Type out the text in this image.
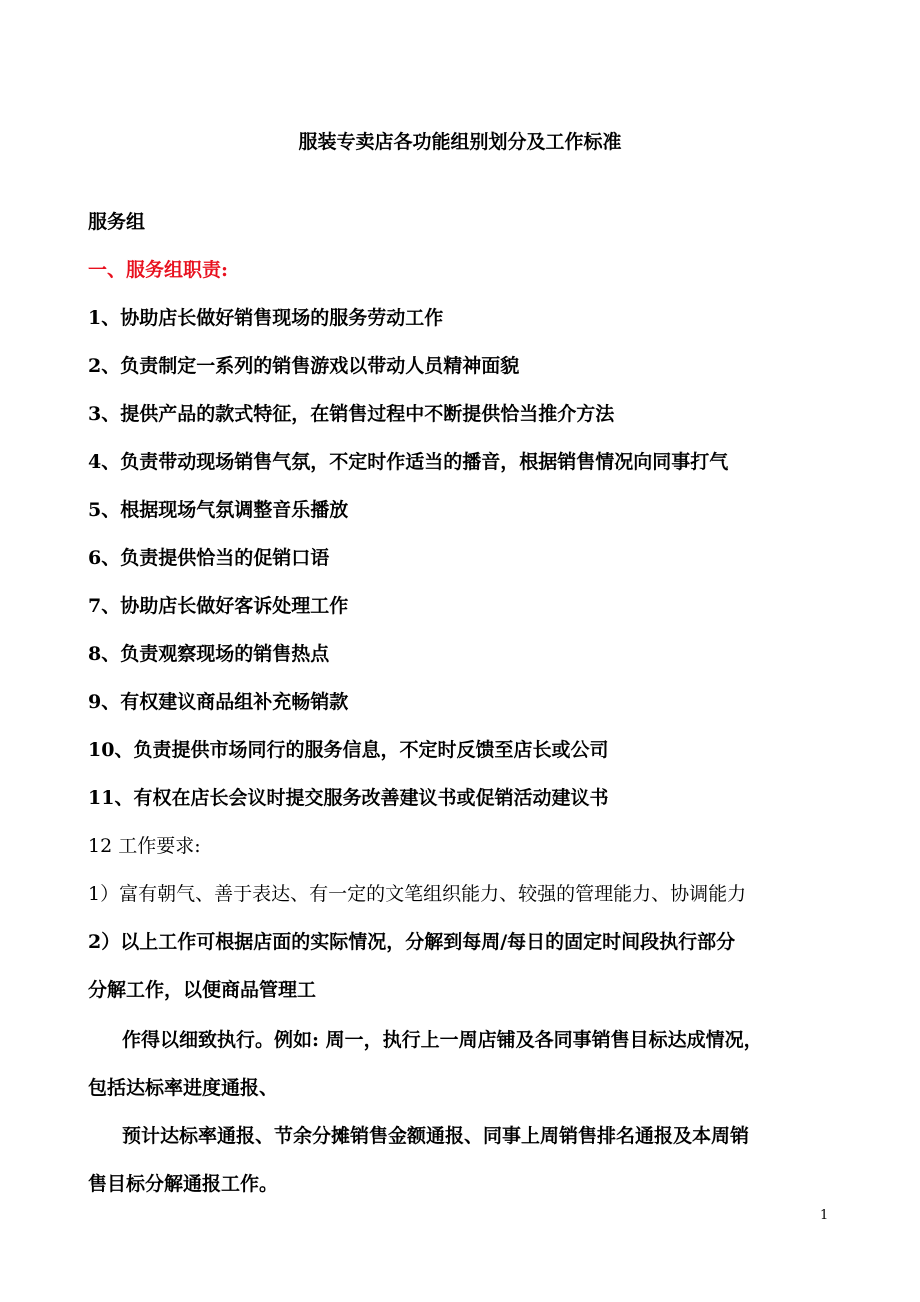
服装专卖店各功能组别划分及工作标准
服务组
一、服务组职责:
1、协助店长做好销售现场的服务劳动工作
2、负责制定一系列的销售游戏以带动人员精神面貌
3、提供产品的款式特征，在销售过程中不断提供恰当推介方法
4、负责带动现场销售气氛，不定时作适当的播音，根据销售情况向同事打气
5、根据现场气氛调整音乐播放
6、负责提供恰当的促销口语
7、协助店长做好客诉处理工作
8、负责观察现场的销售热点
9、有权建议商品组补充畅销款
10、负责提供市场同行的服务信息，不定时反馈至店长或公司
11、有权在店长会议时提交服务改善建议书或促销活动建议书
12 工作要求:
1）富有朝气、善于表达、有一定的文笔组织能力、较强的管理能力、协调能力
2）以上工作可根据店面的实际情况，分解到每周/每日的固定时间段执行部分
分解工作，以便商品管理工
作得以细致执行。例如: 周一，执行上一周店铺及各同事销售目标达成情况，
包括达标率进度通报、
预计达标率通报、节余分摊销售金额通报、同事上周销售排名通报及本周销
售目标分解通报工作。
1
